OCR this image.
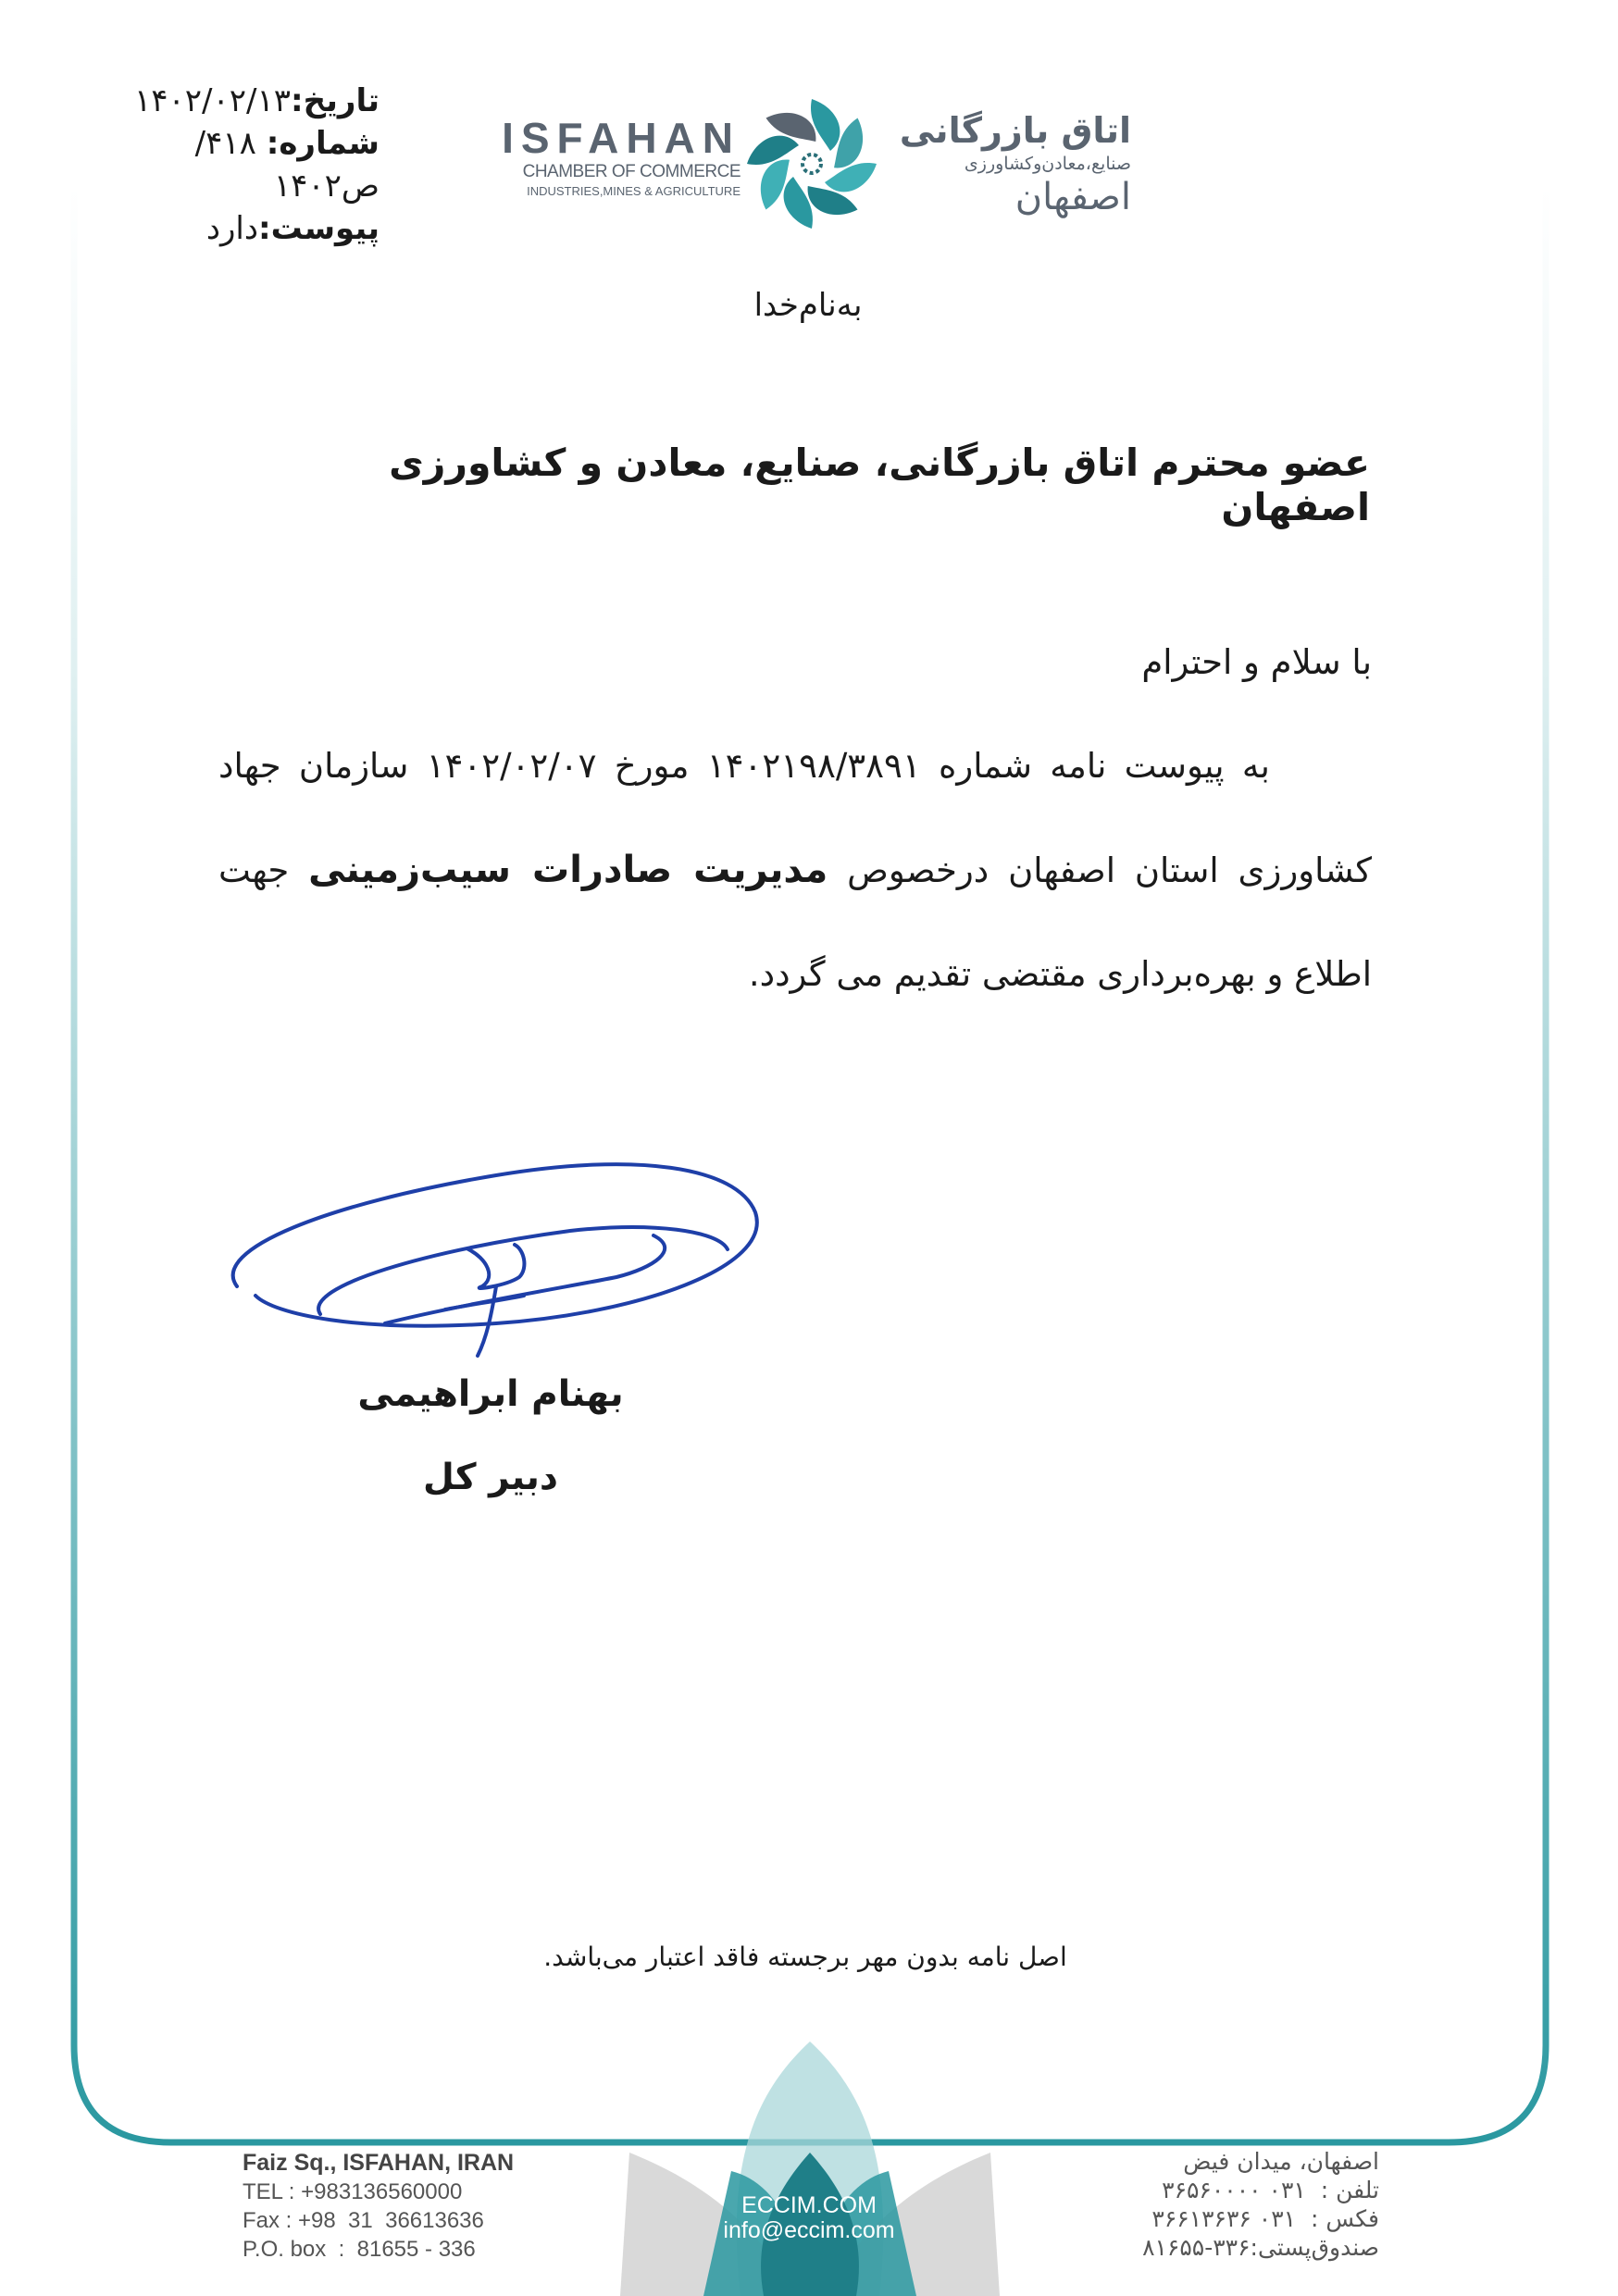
تاریخ:۱۴۰۲/۰۲/۱۳
شماره: ۴۱۸/ص۱۴۰۲
پیوست:دارد
ISFAHAN
CHAMBER OF COMMERCE
INDUSTRIES,MINES & AGRICULTURE
اتاق بازرگانی
صنایع،معادن‌وکشاورزی
اصفهان
به‌نام‌خدا
عضو محترم اتاق بازرگانی، صنایع، معادن و کشاورزی اصفهان
با سلام و احترام
به پیوست نامه شماره ۱۴۰۲۱۹۸/۳۸۹۱ مورخ ۱۴۰۲/۰۲/۰۷ سازمان جهاد کشاورزی استان اصفهان درخصوص مدیریت صادرات سیب‌زمینی جهت اطلاع و بهره‌برداری مقتضی تقدیم می گردد.
بهنام ابراهیمی
دبیر کل
اصل نامه بدون مهر برجسته فاقد اعتبار می‌باشد.
Faiz Sq., ISFAHAN, IRAN
TEL : +983136560000
Fax : +98  31  36613636
P.O. box  :  81655 - 336
ECCIM.COM
info@eccim.com
اصفهان، میدان فیض
تلفن :  ۰۳۱ ۳۶۵۶۰۰۰۰
فکس :  ۰۳۱ ۳۶۶۱۳۶۳۶
صندوق‌پستی:۳۳۶-۸۱۶۵۵
